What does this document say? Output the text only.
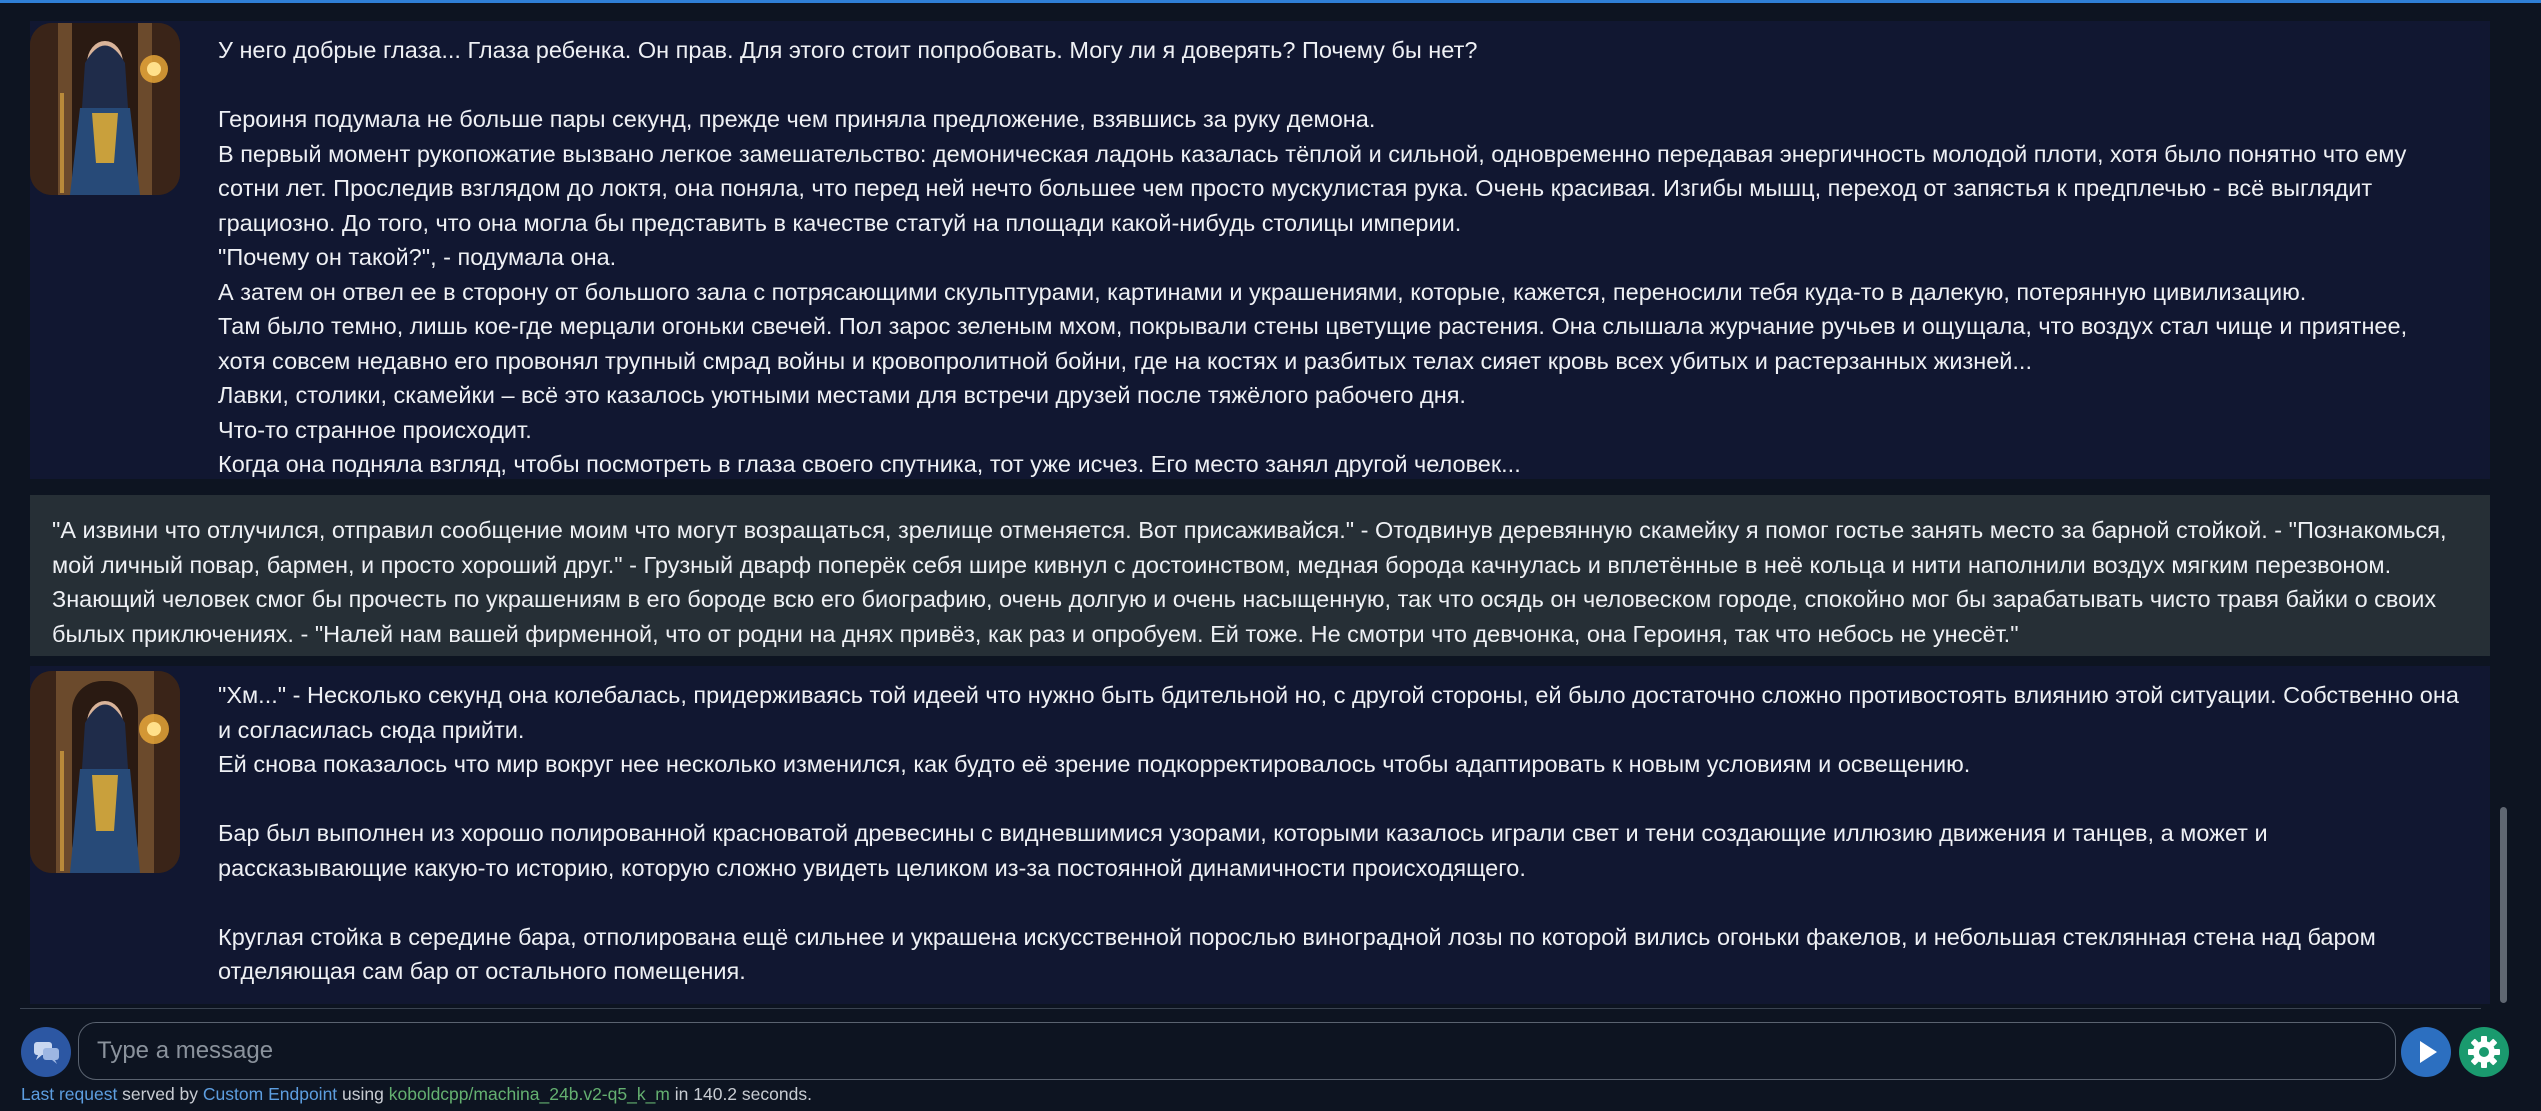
У него добрые глаза... Глаза ребенка. Он прав. Для этого стоит попробовать. Могу ли я доверять? Почему бы нет?

Героиня подумала не больше пары секунд, прежде чем приняла предложение, взявшись за руку демона.

В первый момент рукопожатие вызвано легкое замешательство: демоническая ладонь казалась тёплой и сильной, одновременно передавая энергичность молодой плоти, хотя было понятно что ему сотни лет. Проследив взглядом до локтя, она поняла, что перед ней нечто большее чем просто мускулистая рука. Очень красивая. Изгибы мышц, переход от запястья к предплечью - всё выглядит грациозно. До того, что она могла бы представить в качестве статуй на площади какой-нибудь столицы империи.

"Почему он такой?", - подумала она.

А затем он отвел ее в сторону от большого зала с потрясающими скульптурами, картинами и украшениями, которые, кажется, переносили тебя куда-то в далекую, потерянную цивилизацию.

Там было темно, лишь кое-где мерцали огоньки свечей. Пол зарос зеленым мхом, покрывали стены цветущие растения. Она слышала журчание ручьев и ощущала, что воздух стал чище и приятнее, хотя совсем недавно его провонял трупный смрад войны и кровопролитной бойни, где на костях и разбитых телах сияет кровь всех убитых и растерзанных жизней...

Лавки, столики, скамейки – всё это казалось уютными местами для встречи друзей после тяжёлого рабочего дня.

Что-то странное происходит.

Когда она подняла взгляд, чтобы посмотреть в глаза своего спутника, тот уже исчез. Его место занял другой человек...

"А извини что отлучился, отправил сообщение моим что могут возращаться, зрелище отменяется. Вот присаживайся." - Отодвинув деревянную скамейку я помог гостье занять место за барной стойкой. - "Познакомься, мой личный повар, бармен, и просто хороший друг." - Грузный дварф поперёк себя шире кивнул с достоинством, медная борода качнулась и вплетённые в неё кольца и нити наполнили воздух мягким перезвоном. Знающий человек смог бы прочесть по украшениям в его бороде всю его биографию, очень долгую и очень насыщенную, так что осядь он человеском городе, спокойно мог бы зарабатывать чисто травя байки о своих былых приключениях. - "Налей нам вашей фирменной, что от родни на днях привёз, как раз и опробуем. Ей тоже. Не смотри что девчонка, она Героиня, так что небось не унесёт."

"Хм..." - Несколько секунд она колебалась, придерживаясь той идеей что нужно быть бдительной но, с другой стороны, ей было достаточно сложно противостоять влиянию этой ситуации. Собственно она и согласилась сюда прийти.

Ей снова показалось что мир вокруг нее несколько изменился, как будто её зрение подкорректировалось чтобы адаптировать к новым условиям и освещению.

Бар был выполнен из хорошо полированной красноватой древесины с видневшимися узорами, которыми казалось играли свет и тени создающие иллюзию движения и танцев, а может и рассказывающие какую-то историю, которую сложно увидеть целиком из-за постоянной динамичности происходящего.

Круглая стойка в середине бара, отполирована ещё сильнее и украшена искусственной порослью виноградной лозы по которой вились огоньки факелов, и небольшая стеклянная стена над баром отделяющая сам бар от остального помещения.

Type a message
Last request served by Custom Endpoint using koboldcpp/machina_24b.v2-q5_k_m in 140.2 seconds.
